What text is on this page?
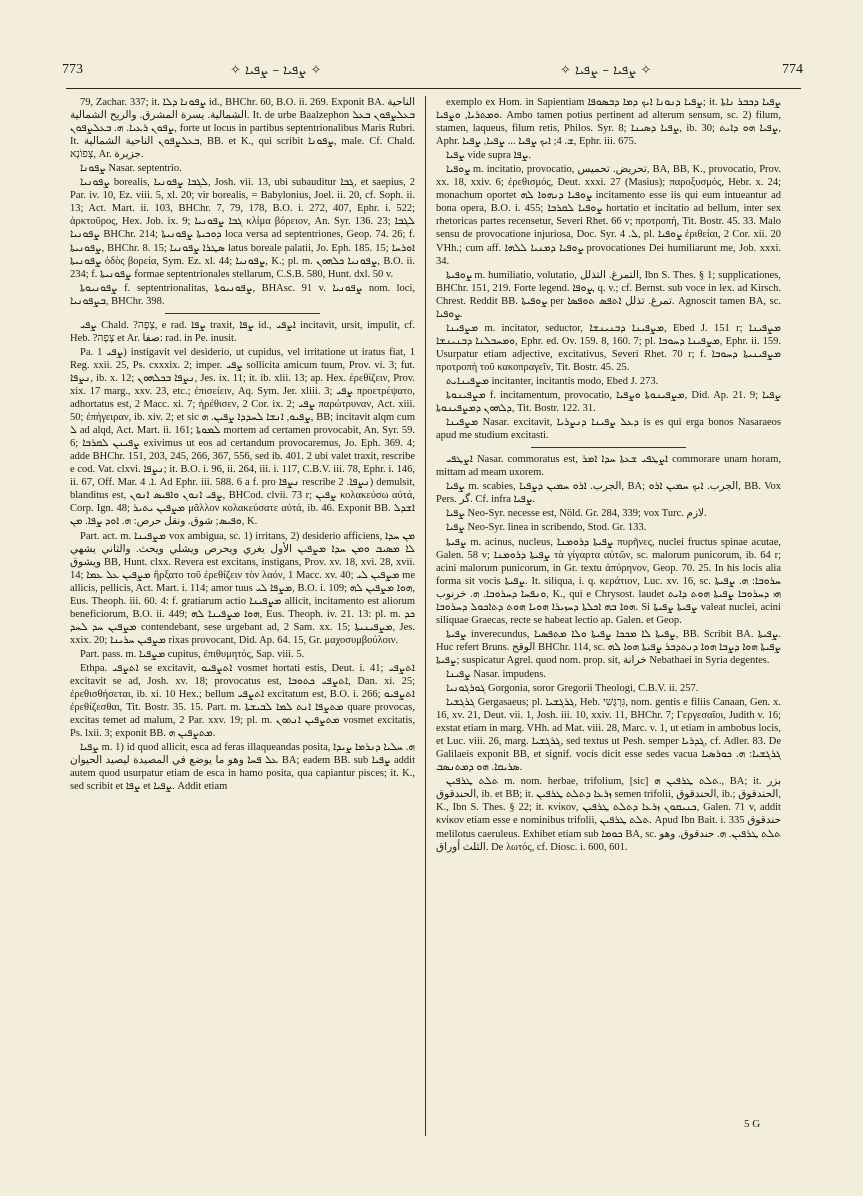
773	✧ ܨܦܝܐ – ܨܦܝܐ ✧	✧ ܨܦܝܐ – ܨܦܝܐ ✧	774

79, Zachar. 337; it. ܨܦܘܢܐ ܕܠܐ id., BHChr. 60, B.O. ii. 269. Exponit BA. الناحية الشمالية. يسرة المشرق. والريح الشمالية. It. de urbe Baalzephon ܒܥܠܨܦܘܢ ܒܥܠ ܨܦܘܢ ܪܥܝܐ. ܗ. ܒܥܠܨܦܘܢ, forte ut locus in partibus septentrionalibus Maris Rubri. It. ܒܥܠܨܦܘܢ الناحية الشمالية, BB. et K., qui scribit ܨܦܘܢܐ, male. Cf. Chald. צְפוֹנָא, Ar. جزيرة.

ܨܦܘܢܐ Nasar. septentrio.

ܨܦܘܢܝܐ borealis, ܠܓܒܐ ܨܦܘܢܝܐ, Josh. vii. 13, ubi subauditur ܓܒܐ, et saepius, 2 Par. iv. 10, Ez. viii. 5, xl. 20; vir borealis, = Babylonius, Joel. ii. 20, cf. Soph. ii. 13; Act. Mart. ii. 103, BHChr. 7, 79, 178, B.O. i. 272, 407, Ephr. i. 522; ἀρκτοῦρος, Hex. Job. ix. 9; ܓܒܐ ܨܦܘܢܝܐ κλίμα βόρειον, An. Syr. 136. 23; ܠܓܒܐ ܨܦܘܢܝܐ BHChr. 214; ܕܘܟܝܬܐ ܨܦܘܢܝܬܐ loca versa ad septentriones, Geop. 74. 26; f. ܨܦܘܢܝܬܐ, BHChr. 8. 15; ܣܛܪܐ ܨܦܘܢܝܐ latus boreale palatii, Jo. Eph. 185. 15; ܐܘܪܚܐ ܨܦܘܢܝܬܐ ὁδὸς βορεία, Sym. Ez. xl. 44; ܨܦܘܢܝܐ, K.; pl. m. ܨܦܘܢܝܐ ܟܠܗܘܢ, B.O. ii. 234; f. ܨܦܘܢܝܬܐ formae septentrionales stellarum, C.S.B. 580, Hunt. dxl. 50 v.

ܨܦܘܢܝܘܬܐ f. septentrionalitas, ܨܦܘܢܝܘܬܐ, BHAsc. 91 v. ܨܦܘܢܝܐ nom. loci, ܒܨܦܘܢܝܐ, BHChr. 398.

ܨܦܝ Chald. ?צְפָה, e rad. ܨܦܐ traxit, ܨܦܐ id., ܐܨܦܝ incitavit, ursit, impulit, cf. Heb. ?צָפָה et Ar. صفا: rad. in Pe. inusit.

Pa. ܨܦܝ 1) instigavit vel desiderio, ut cupidus, vel irritatione ut iratus fiat, 1 Reg. xxii. 25, Ps. cxxxix. 2; imper. ܨܦܝ sollicita amicum tuum, Prov. vi. 3; fut. ܢܨܦܐ, ib. x. 12; ܢܨܦܐ ܒܟܠܗܘܢ, Jes. ix. 11; it. ib. xlii. 13; ap. Hex. ἐρεθίζειν, Prov. xix. 17 marg., xxv. 23, etc.; ἐπισείειν, Aq. Sym. Jer. xliii. 3; ܨܦܝ προετρέψατο, adhortatus est, 2 Macc. xi. 7; ἠρέθισεν, 2 Cor. ix. 2; ܨܦܝ παρώτρυναν, Act. xiii. 50; ἐπήγειραν, ib. xiv. 2; et sic ܨܦܝܘ, ܐܢܫܐ ܠܚܕܕܐ ܨܦܝܢ. ܗ, BB; incitavit alqm cum ܠ ad alqd, Act. Mart. ii. 161; ܠܡܘܬܐ mortem ad certamen provocabit, An. Syr. 59. 6; ܨܦܝܢܢ ܠܩܪܒܐ exivimus ut eos ad certandum provocaremus, Jo. Eph. 369. 4; adde BHChr. 151, 203, 245, 266, 367, 556, sed ib. 401. 2 ubi valet traxit, rescribe e cod. Vat. clxvi. ܢܨܦܐ; it. B.O. i. 96, ii. 264, iii. i. 117, C.B.V. iii. 78, Ephr. i. 146, ii. 67, Off. Mar. ܐ. 4. Ad Ephr. iii. 588. 6 a f. pro ܢܨܦܐ rescribe ܢܨܦܐ. 2) demulsit, blanditus est, ܨܦܝ ܐܢܘܢ ܘܐܦܝܣ ܐܢܘܢ, BHCod. clvii. 73 r; ܨܦܝܢ κολακεύσω αὐτά, Corp. Ign. 48; ܡܨܦܝܢ ܝܬܝܪ μᾶλλον κολακεύσατε αὐτά, ib. 46. Exponit BB. ܐܫܕܠ ܘܦܝܣ; شوق. ونقل حرص: ܗ. ܐܘܕ ܨܦܐ. ܡܢ, K.

Part. act. m. ܡܨܦܝܢܐ vox ambigua, sc. 1) irritans, 2) desiderio afficiens, ܡܢ ܚܕܐ ܠܐ ܡܣܝܒ ܘܡܢ ܚܕܐ ܡܨܦܝܢ الأول يغري ويحرص ويشلي ويحث. والثاني يشهي ويشوق BB, Hunt. clxx. Revera est excitans, instigans, Prov. xv. 18, xvi. 28, xvii. 14; ܡܨܦܝܢ ܥܠ ܥܡܐ ἤρξατο τοῦ ἐρεθίζειν τὸν λαόν, 1 Macc. xv. 40; ܡܨܦܝܢ ܠܝ me allicis, pellicis, Act. Mart. i. 114; amor tuus ܡܨܦܐ ܠܝ, B.O. i. 109; ܗܘܐ ܡܨܦܝܢ ܠܗ, Eus. Theoph. iii. 60. 4: f. gratiarum actio ܡܨܦܝܢܐ allicit, incitamento est aliorum beneficiorum, B.O. ii. 449; ܗܘܐ ܡܨܦܝܢܐ ܠܗ, Eus. Theoph. iv. 21. 13: pl. m. ܟܕ ܡܨܦܝܢ ܚܕ ܠܚܕ contendebant, sese urgebant ad, 2 Sam. xx. 15; ܡܨܦܝܢܝܬܐ, Jes. xxix. 20; ܡܨܦܝܢ ܚܪܝܢܐ rixas provocant, Did. Ap. 64. 15, Gr. μαχοσυμβούλοιν.

Part. pass. m. ܡܨܦܝܐ cupitus, ἐπιθυμητός, Sap. viii. 5.

Ethpa. ܐܬܨܦܝ se excitavit, ܐܬܨܦܝܘ vosmet hortati estis, Deut. i. 41; ܐܬܨܦܝ excitavit se ad, Josh. xv. 18; provocatus est, ܐܬܨܦܝ ܟܬܘܒܐ, Dan. xi. 25; ἐρεθισθήσεται, ib. xi. 10 Hex.; bellum ܐܬܨܦܝ excitatum est, B.O. i. 266; ܐܬܨܦܝܘ ἐρεθίζεσθαι, Tit. Bostr. 35. 15. Part. m. ܡܬܨܦܐ ܐܢܬ ܠܡܐ ܠܒܝܫܬܐ quare provocas, excitas temet ad malum, 2 Par. xxv. 19; pl. m. ܡܬܨܦܝܢ ܐܢܬܘܢ vosmet excitatis, Ps. lxii. 3; exponit BB. ܡܬܨܦܝܢ ܗ.

ܨܦܝܐ m. 1) id quod allicit, esca ad feras illaqueandas posita, ܗ. ܚܠܝܐ ܕܢܪܡܐ ܨܝܕܐ ܥܠ ܦܚܐ وهو ما يوضع في المصيدة ليصيد الحيوان BA; eadem BB. sub ܨܦܝܐ addit autem quod usurpatur etiam de esca in hamo posita, qua capiantur pisces; it. K., sed scribit et ܨܦܐ et ܨܦܝܐ. Addit etiam

exemplo ex Hom. in Sapientiam ܨܦܝܐ ܕܢܘܢܐ ܐܝܟ ܕܡܐ ܕܒܣܘܦܐ; it. ܨܦܝܐ ܕܟܒܪ ܢܐܬܐ ܘܡܬܪܝܐ, ܘܨܦܝܐ. Ambo tamen potius pertinent ad alterum sensum, sc. 2) filum, stamen, laqueus, filum retis, Philos. Syr. 8; ܨܦܝܐ ܕܣܝܢܐ, ib. 30; ܨܦܝܐ ܗܘ ܕܐܝܬ, Aphr. ܫ. 4; ܐܝܟ ܨܦܝܐ ... ܨܦܝܐ, ܨܦܝܐ, Ephr. iii. 675.

ܨܦܝܐ vide supra ܨܦܐ.

ܨܘܦܝܐ m. incitatio, provocatio, تحريض. تحميس, BA, BB, K., provocatio, Prov. xx. 18, xxiv. 6; ἐρεθισμός, Deut. xxxi. 27 (Masius); παροξυσμός, Hebr. x. 24; monachum oportet ܨܘܦܝܐ ܕܢܗܘܐ ܠܗ incitamento esse iis qui eum intueantur ad bona opera, B.O. i. 455; ܨܘܦܝܐ ܠܩܪܒܐ hortatio et incitatio ad bellum, inter sex rhetoricas partes recensetur, Severi Rhet. 66 v; προτροπή, Tit. Bostr. 45. 33. Malo sensu de provocatione injuriosa, Doc. Syr. ܠ. 4, pl. ܨܘܦܝܐ ἐριθείαι, 2 Cor. xii. 20 VHh.; cum aff. ܨܘܦܝܐ ܕܡܢܝܐ ܠܠܗܐ provocationes Dei humiliarunt me, Job. xxxi. 34.

ܨܘܦܝܬܐ m. humiliatio, volutatio, التمرغ. التذلل, Ibn S. Thes. § 1; supplicationes, BHChr. 151, 219. Forte legend. ܨܘܦܐ, q. v.; cf. Bernst. sub voce in lex. ad Kirsch. Chrest. Reddit BB. ܨܘܦܝܬܐ per تمرغ. تذلل ܐܬܦܣ ܬܘܦܣܐ. Agnoscit tamen BA, sc. ܨܘܦܝܐ.

ܡܨܦܝܢܐ m. incitator, seductor, ܡܨܦܝܢܐ ܕܒܢܝܢܫܐ, Ebed J. 151 r; ܡܨܦܝܢܐ ܘܡܚܒܠܢܐ ܕܒܢܝܢܫܐ, Ephr. ed. Ov. 159. 8, 160. 7; pl. ܡܨܦܝܢܐ ܕܚܘܒܐ, Ephr. ii. 159. Usurpatur etiam adjective, excitativus, Severi Rhet. 70 r; f. ܡܨܦܝܢܝܬܐ ܕܚܘܒܐ προτροπὴ τοῦ κακοπραγεῖν, Tit. Bostr. 45. 25.

ܡܨܦܝܢܐܝܬ incitanter, incitantis modo, Ebed J. 273.

ܡܨܦܝܢܘܬܐ f. incitamentum, provocatio, ܡܨܦܝܢܘܬܐ ܘܨܦܝܐ, Did. Ap. 21. 9; ܨܦܝܐ ܕܠܗܘܢ ܕܡܨܦܝܢܘܬܐ, Tit. Bostr. 122. 31.

ܡܨܦܝܢܐ Nasar. excitavit, ܕܥܠ ܨܦܝܢܐ ܕܢܨܪܝܐ is es qui erga bonos Nasaraeos apud me studium excitasti.

ܐܨܛܦܝ Nasar. commoratus est, ܐܨܛܦܝ ܫܥܬܐ ܚܕܐ ܐܡܪ commorare unam horam, mittam ad meam uxorem.

ܨܦܝܐ m. scabies, الجرب. ܐܪܘ ܚܡܝܢ ܕܨܦܝܐ, BA; الجرب. ܐܝܟ ܚܡܝܢ ܐܪܘ, BB. Vox Pers. گر. Cf. infra ܨܦܝܐ.

ܨܦܝܐ Neo-Syr. necesse est, Nöld. Gr. 284, 339; vox Turc. لازم.

ܨܦܝܐ Neo-Syr. linea in scribendo, Stod. Gr. 133.

ܨܦܝܬܐ m. acinus, nucleus, ܨܦܝܬܐ ܕܪܘܡܢܐ πυρῆνες, nuclei fructus spinae acutae, Galen. 58 v; ܨܦܝܬܐ ܕܪܘܡܢܐ τὰ γίγαρτα αὐτῶν, sc. malorum punicorum, ib. 64 r; acini malorum punicorum, in Gr. textu ἀπύρηνον, Geop. 70. 25. In his locis alia forma sit vocis ܨܦܝܬܐ. It. siliqua, i. q. κεράτιον, Luc. xv. 16, sc. ܚܪܘܒܐ: ܗ. ܨܦܝܬܐ ܘܢܦܚܐ ܕܚܪܘܒܐ. ܗ. خرنوب, K., qui e Chrysost. laudet ܗܝ ܕܚܪܘܒܐ ܨܦܝܬܐ ܗܘܬ ܕܐܝܬ ܗܘܐ ܒܗ ܐܟܠܬܐ ܕܚܙܝܪܐ ܗܘܝܐ ܗܘܬ ܕܬܐܟܘܠ ܕܚܪܘܒܐ. Si ܨܦܝܬܐ ܨܦܝܬܐ valeat nuclei, acini siliquae Graecas, recte se habeat lectio ap. Galen. et Geop.

ܨܦܝܬܐ inverecundus, ܨܦܝܬܐ ܠܐ ܡܟܟܐ ܨܦܝܬܐ ܘܠܐ ܡܬܦܣܝܐ, BB. Scribit BA. ܨܦܝܬܐ. Huc refert Bruns. الوقح BHChr. 114, sc. ܨܦܝܬܐ ܗܘܐ ܕܨܒܐ ܗܘܐ ܕܢܬܕܒܪ ܨܦܝܬܐ ܗܘܐ ܠܗ ܨܦܝܬܐ; suspicatur Agrel. quod nom. prop. sit, خرانة Nebathaei in Syria degentes.

ܨܦܝܢܐ Nasar. impudens.

ܓܘܪܓܘܢܝܐ Gorgonia, soror Gregorii Theologi, C.B.V. ii. 257.

ܓܪܓܫܝܐ Gergasaeus; pl. ܓܪܓܫܝܐ, Heb. גִּרְגָּשִׁי, nom. gentis e filiis Canaan, Gen. x. 16, xv. 21, Deut. vii. 1, Josh. iii. 10, xxiv. 11, BHChr. 7; Γεργεσαῖοι, Judith v. 16; exstat etiam in marg. VHh. ad Mat. viii. 28, Marc. v. 1, ut etiam in ambobus locis, et Luc. viii. 26, marg. ܓܪܓܫܝܐ, sed textus ut Pesh. semper ܓܕܪܝܐ, cf. Adler. 83. De Galilaeis exponit BB, et signif. vocis dicit esse sedes vacua ܓܪܓܫܝܐ: ܗ. ܟܘܪܣܝܐ ܣܪܝܩܐ. ܗܘ ܕܡܬܢܣܒ.

ܬܠܬ ܛܪܦܝܢ m. nom. herbae, trifolium, [sic] ܬܠܬ ܛܪܦܝܢ ܗ., BA; it. بزر الحندقوق, ib. et BB; it. ܙܪܥܐ ܕܬܠܬ ܛܪܦܝܢ semen trifolii, الحندقوق, ib.; الحندقوق, K., Ibn S. Thes. § 22; it. κνίκον, ܟܢܝܩܘܢ ܙܪܥܐ ܕܬܠܬ ܛܪܦܝܢ, Galen. 71 v, addit κνίκον etiam esse e nominibus trifolii, ܬܠܬ ܛܪܦܝܢ. Apud Ibn Bait. i. 335 حندقوق melilotus caeruleus. Exhibet etiam sub ܟܘܡܐ BA, sc. ܬܠܬ ܛܪܦܝܢ. ܗ. حندقوق. وهو الثلث أوراق. De λωτός, cf. Diosc. i. 600, 601.

5 G
